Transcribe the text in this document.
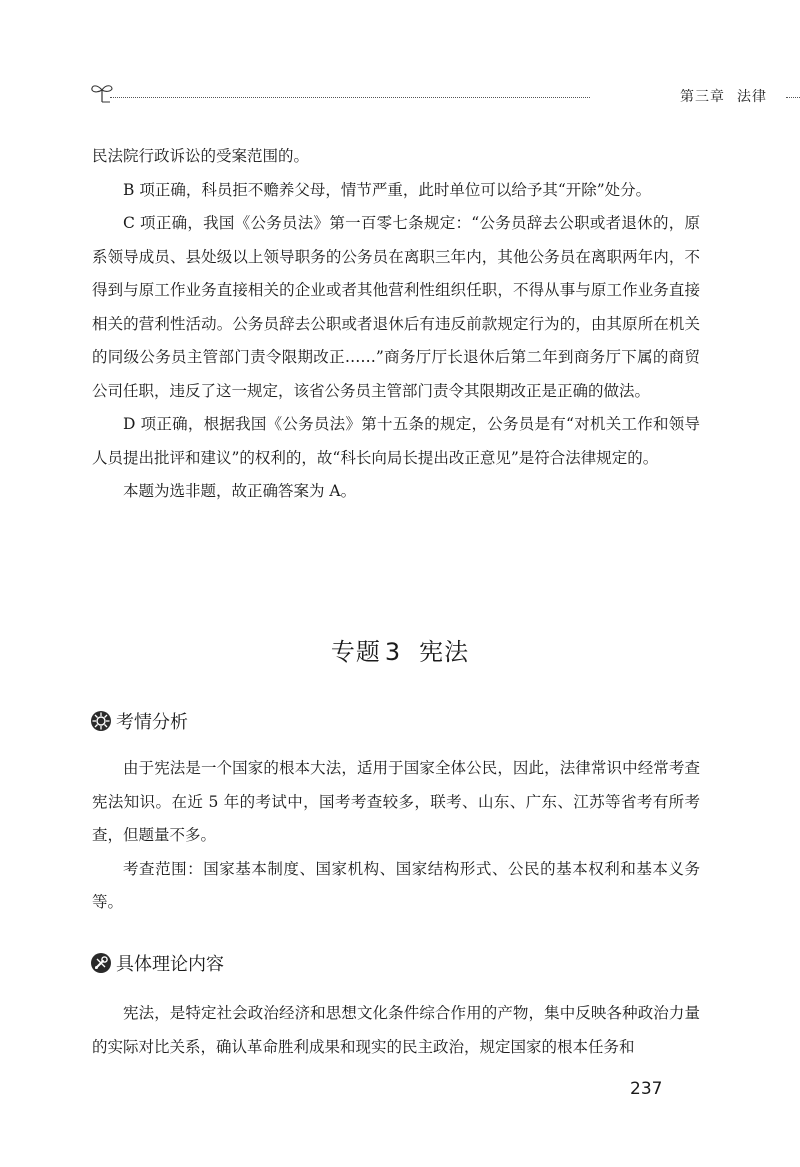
第三章 法律

民法院行政诉讼的受案范围的。

B 项正确，科员拒不赡养父母，情节严重，此时单位可以给予其“开除”处分。

C 项正确，我国《公务员法》第一百零七条规定：“公务员辞去公职或者退休的，原系领导成员、县处级以上领导职务的公务员在离职三年内，其他公务员在离职两年内，不得到与原工作业务直接相关的企业或者其他营利性组织任职，不得从事与原工作业务直接相关的营利性活动。公务员辞去公职或者退休后有违反前款规定行为的，由其原所在机关的同级公务员主管部门责令限期改正……”商务厅厅长退休后第二年到商务厅下属的商贸公司任职，违反了这一规定，该省公务员主管部门责令其限期改正是正确的做法。

D 项正确，根据我国《公务员法》第十五条的规定，公务员是有“对机关工作和领导人员提出批评和建议”的权利的，故“科长向局长提出改正意见”是符合法律规定的。

本题为选非题，故正确答案为 A。

专题 3 宪法
考情分析

由于宪法是一个国家的根本大法，适用于国家全体公民，因此，法律常识中经常考查宪法知识。在近 5 年的考试中，国考考查较多，联考、山东、广东、江苏等省考有所考查，但题量不多。

考查范围：国家基本制度、国家机构、国家结构形式、公民的基本权利和基本义务等。

具体理论内容

宪法，是特定社会政治经济和思想文化条件综合作用的产物，集中反映各种政治力量的实际对比关系，确认革命胜利成果和现实的民主政治，规定国家的根本任务和

237
